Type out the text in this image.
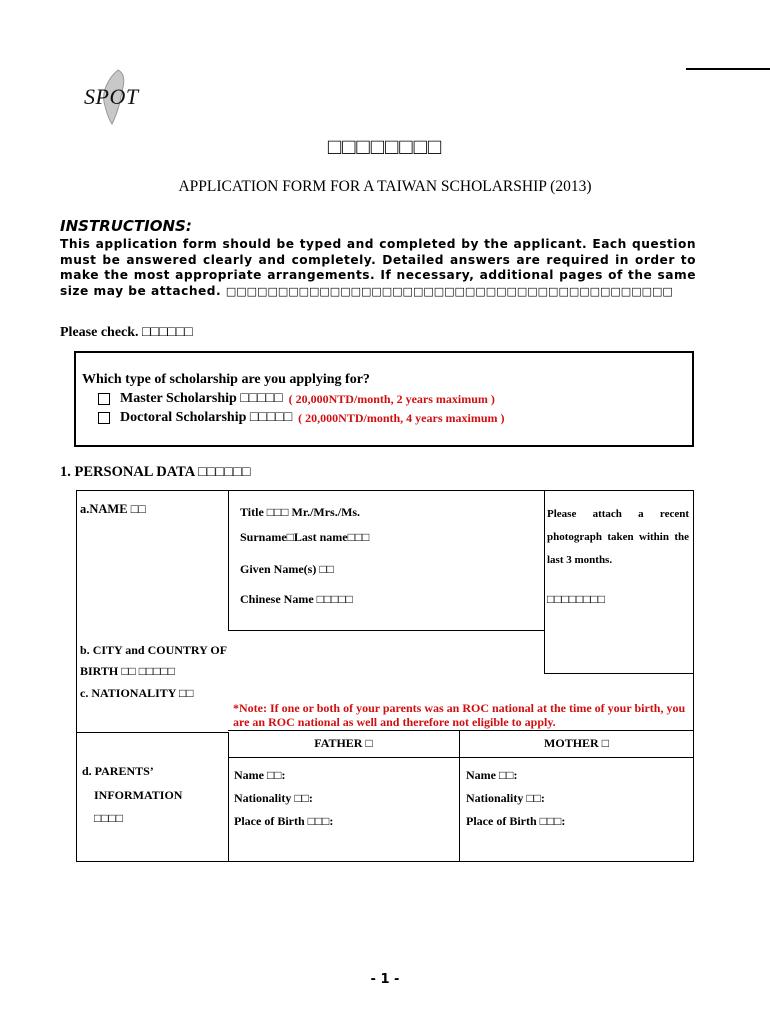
SPOT
□□□□□□□□
APPLICATION FORM FOR A TAIWAN SCHOLARSHIP (2013)
INSTRUCTIONS:
This application form should be typed and completed by the applicant. Each question must be answered clearly and completely. Detailed answers are required in order to make the most appropriate arrangements. If necessary, additional pages of the same size may be attached. □□□□□□□□□□□□□□□□□□□□□□□□□□□□□□□□□□□□□□□□□□□
Please check. □□□□□□
Which type of scholarship are you applying for?
Master Scholarship □□□□□ ( 20,000NTD/month, 2 years maximum )
Doctoral Scholarship □□□□□ ( 20,000NTD/month, 4 years maximum )
1. PERSONAL DATA □□□□□□
a.NAME □□	Title □□□ Mr./Mrs./Ms.
Surname□Last name□□□
Given Name(s) □□
Chinese Name □□□□□
Please attach a recent photograph taken within the last 3 months.
□□□□□□□□
b. CITY and COUNTRY OF BIRTH □□ □□□□□
c. NATIONALITY □□
*Note: If one or both of your parents was an ROC national at the time of your birth, you are an ROC national as well and therefore not eligible to apply.
FATHER □	MOTHER □
d. PARENTS’
INFORMATION
□□□□
Name □□:
Nationality □□:
Place of Birth □□□:
Name □□:
Nationality □□:
Place of Birth □□□:
- 1 -
